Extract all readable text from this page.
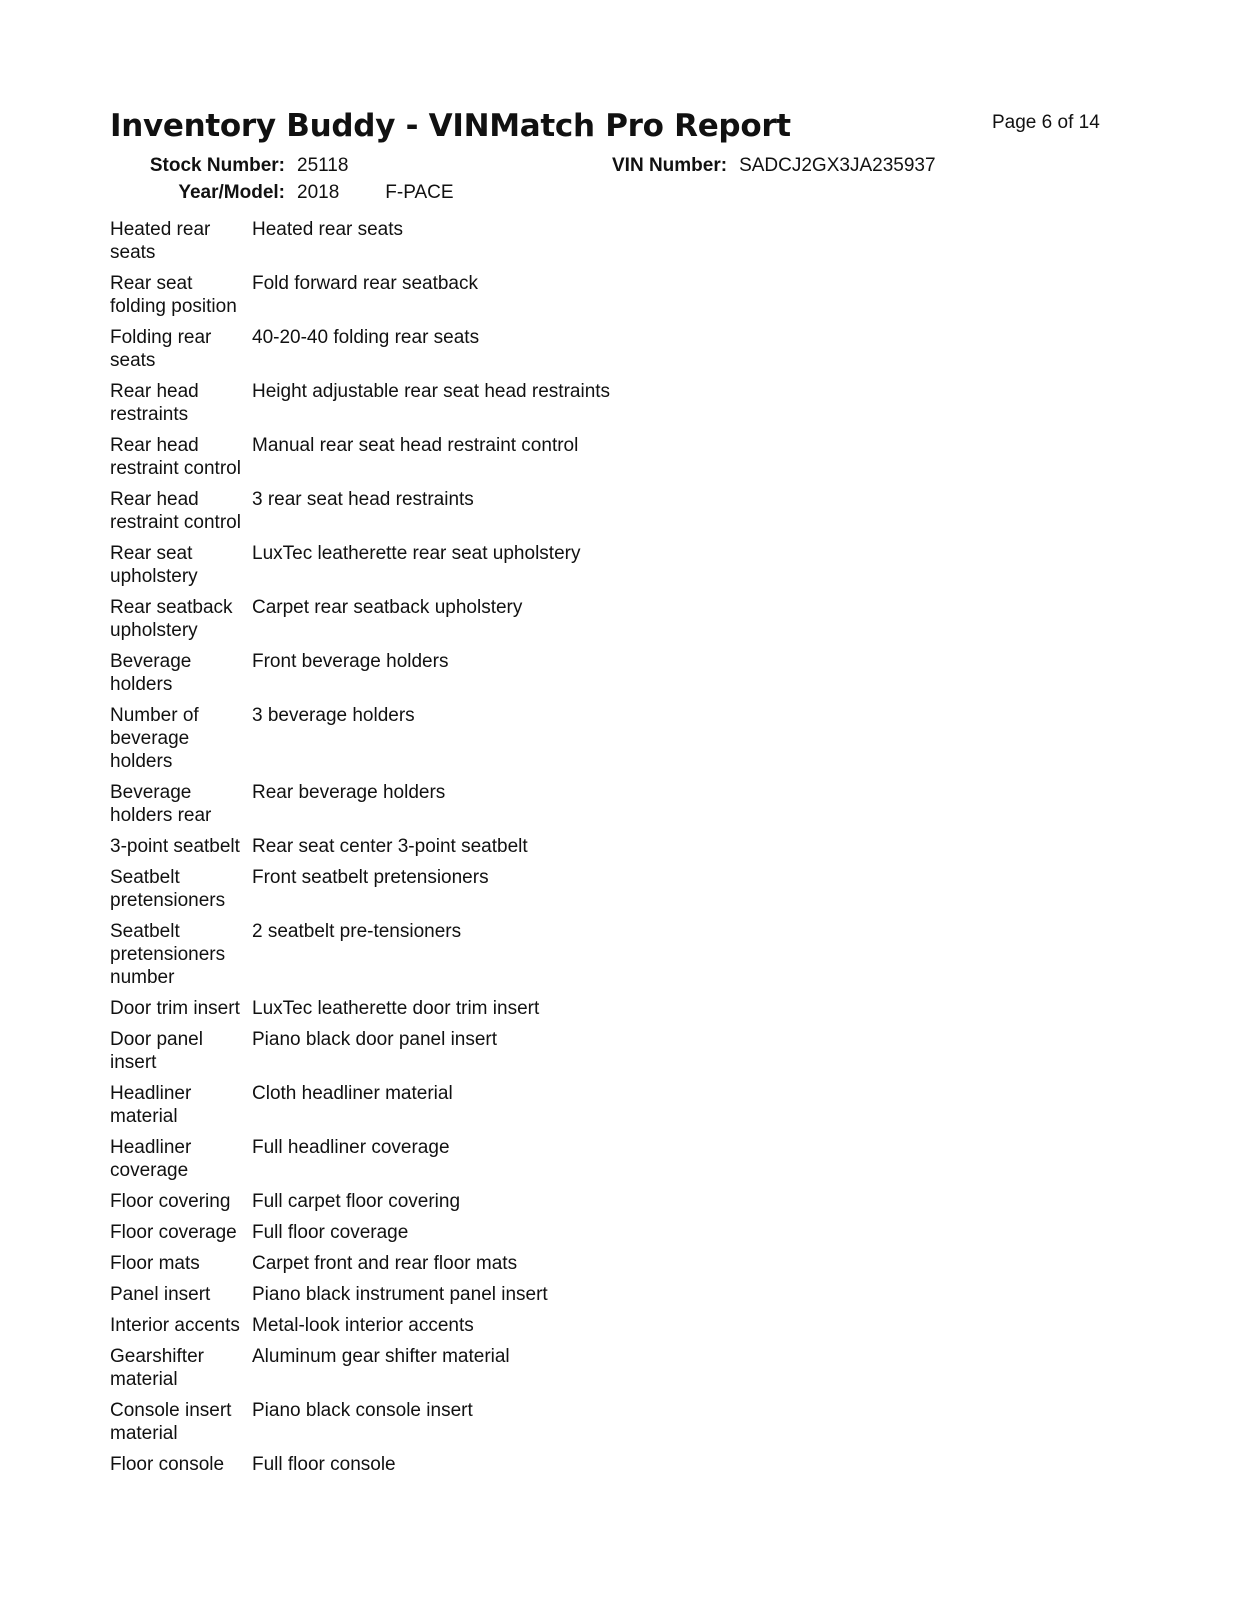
Inventory Buddy - VINMatch Pro Report	Page 6 of 14
Stock Number: 25118	VIN Number: SADCJ2GX3JA235937
Year/Model: 2018 F-PACE
Heated rear seats	Heated rear seats
Rear seat folding position	Fold forward rear seatback
Folding rear seats	40-20-40 folding rear seats
Rear head restraints	Height adjustable rear seat head restraints
Rear head restraint control	Manual rear seat head restraint control
Rear head restraint control	3 rear seat head restraints
Rear seat upholstery	LuxTec leatherette rear seat upholstery
Rear seatback upholstery	Carpet rear seatback upholstery
Beverage holders	Front beverage holders
Number of beverage holders	3 beverage holders
Beverage holders rear	Rear beverage holders
3-point seatbelt	Rear seat center 3-point seatbelt
Seatbelt pretensioners	Front seatbelt pretensioners
Seatbelt pretensioners number	2 seatbelt pre-tensioners
Door trim insert	LuxTec leatherette door trim insert
Door panel insert	Piano black door panel insert
Headliner material	Cloth headliner material
Headliner coverage	Full headliner coverage
Floor covering	Full carpet floor covering
Floor coverage	Full floor coverage
Floor mats	Carpet front and rear floor mats
Panel insert	Piano black instrument panel insert
Interior accents	Metal-look interior accents
Gearshifter material	Aluminum gear shifter material
Console insert material	Piano black console insert
Floor console	Full floor console
